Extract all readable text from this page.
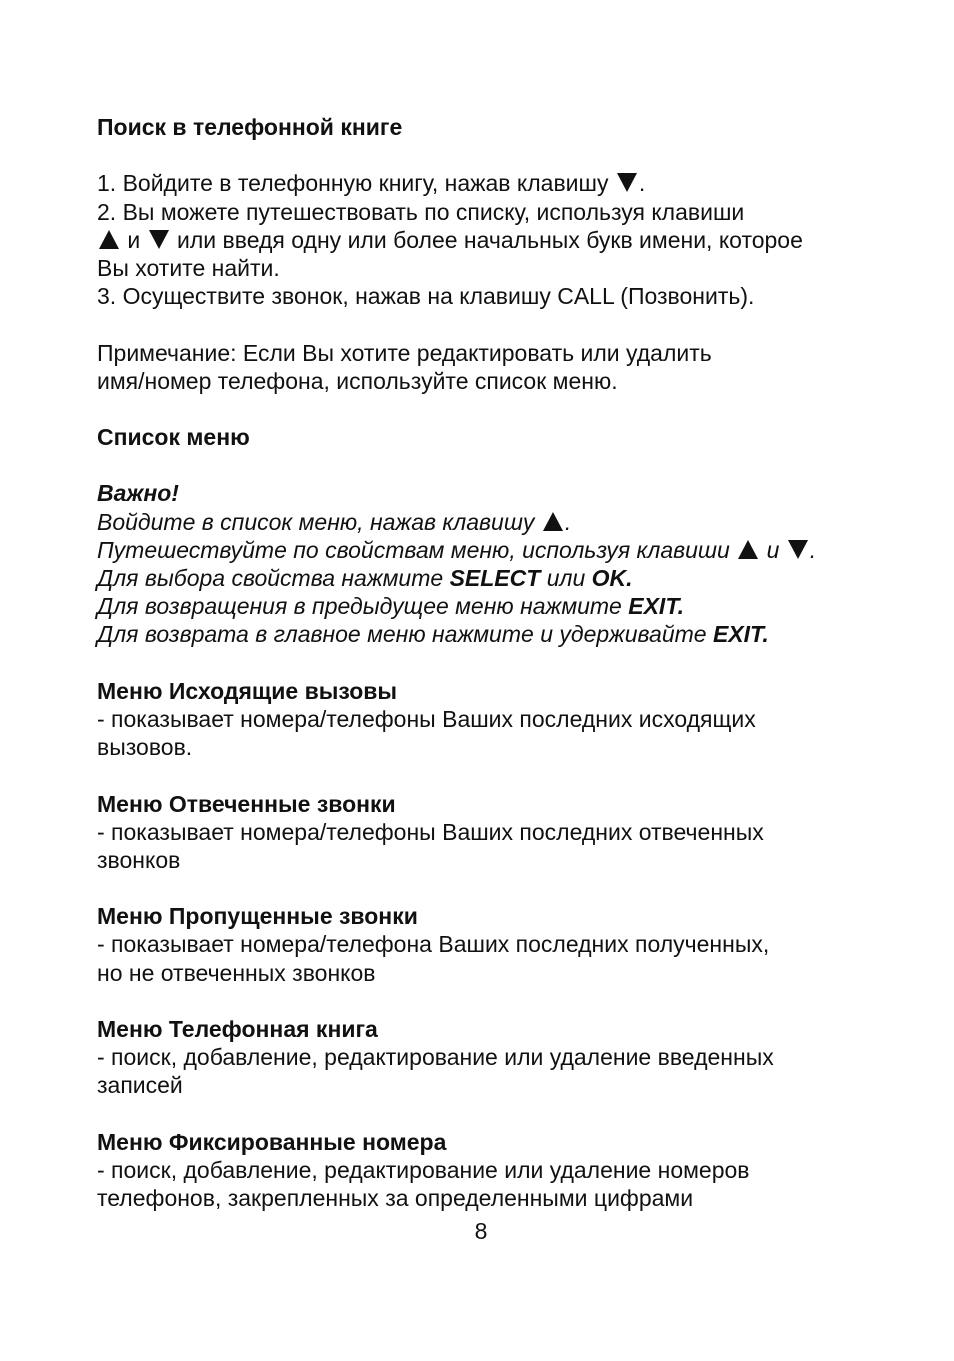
Поиск в телефонной книге
1. Войдите в телефонную книгу, нажав клавишу .
2. Вы можете путешествовать по списку, используя клавиши
и или введя одну или более начальных букв имени, которое
Вы хотите найти.
3. Осуществите звонок, нажав на клавишу CALL (Позвонить).
Примечание: Если Вы хотите редактировать или удалить
имя/номер телефона, используйте список меню.
Список меню
Важно!
Войдите в список меню, нажав клавишу .
Путешествуйте по свойствам меню, используя клавиши и .
Для выбора свойства нажмите SELECT или OK.
Для возвращения в предыдущее меню нажмите EXIT.
Для возврата в главное меню нажмите и удерживайте EXIT.
Меню Исходящие вызовы
- показывает номера/телефоны Ваших последних исходящих
вызовов.
Меню Отвеченные звонки
- показывает номера/телефоны Ваших последних отвеченных
звонков
Меню Пропущенные звонки
- показывает номера/телефона Ваших последних полученных,
но не отвеченных звонков
Меню Телефонная книга
- поиск, добавление, редактирование или удаление введенных
записей
Меню Фиксированные номера
- поиск, добавление, редактирование или удаление номеров
телефонов, закрепленных за определенными цифрами
8
